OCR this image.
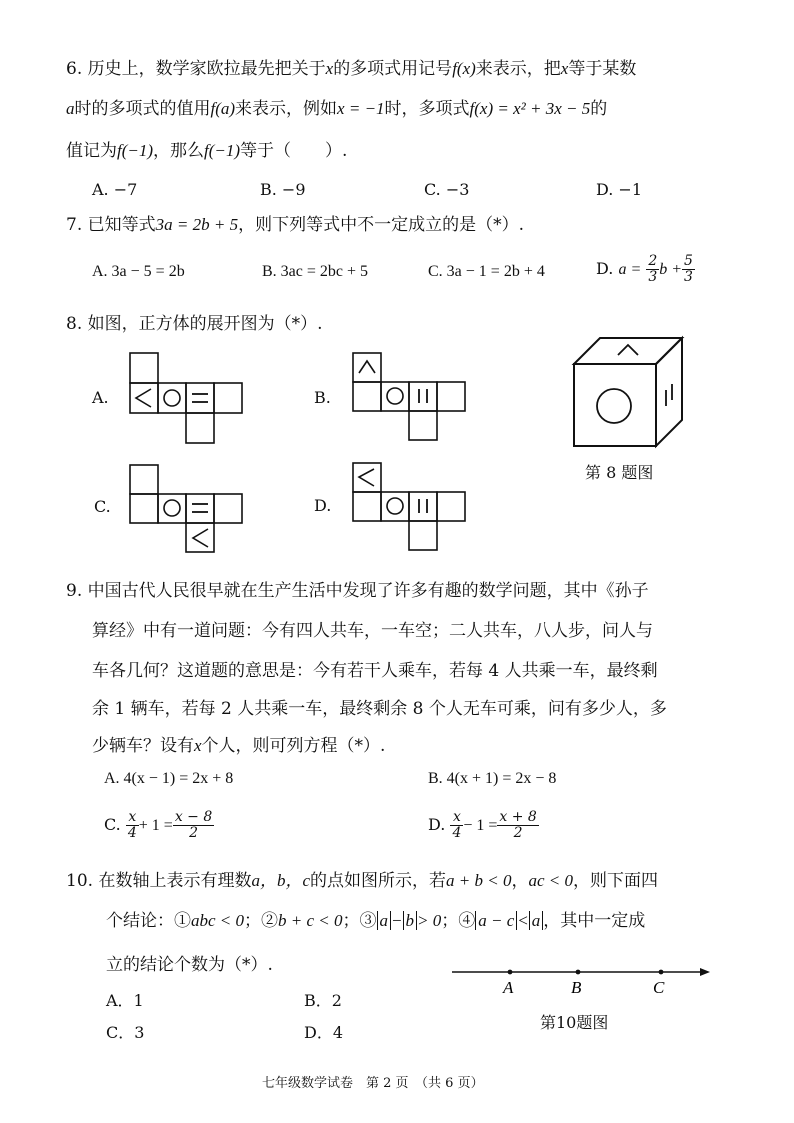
6. 历史上，数学家欧拉最先把关于x的多项式用记号f(x)来表示，把x等于某数
a时的多项式的值用f(a)来表示，例如x = −1时，多项式f(x) = x² + 3x − 5的
值记为f(−1)，那么f(−1)等于（　　）.
A. −7	B. −9	C. −3	D. −1
7. 已知等式3a = 2b + 5，则下列等式中不一定成立的是（*）.
A. 3a − 5 = 2b	B. 3ac = 2bc + 5	C. 3a − 1 = 2b + 4	D. $a = \frac{2}{3}$ $b + \frac{5}{3}$
8. 如图，正方体的展开图为（*）.
A.	B.
C.	D.
第 8 题图
9. 中国古代人民很早就在生产生活中发现了许多有趣的数学问题，其中《孙子
算经》中有一道问题：今有四人共车，一车空；二人共车，八人步，问人与
车各几何？这道题的意思是：今有若干人乘车，若每 4 人共乘一车，最终剩
余 1 辆车，若每 2 人共乘一车，最终剩余 8 个人无车可乘，问有多少人，多
少辆车？设有x个人，则可列方程（*）.
A. 4(x − 1) = 2x + 8	B. 4(x + 1) = 2x − 8
C. $\frac{x}{4} + 1 = \frac{x - 8}{2}$	D. $\frac{x}{4} - 1 = \frac{x + 8}{2}$
10. 在数轴上表示有理数a，b，c的点如图所示，若a + b < 0，ac < 0，则下面四
个结论：①abc < 0；②b + c < 0；③ a − b > 0；④ a − c < a ，其中一定成
立的结论个数为（*）.
A．1	B．2
C．3	D．4
A	B	C
第10题图
七年级数学试卷　第 2 页　（共 6 页）
